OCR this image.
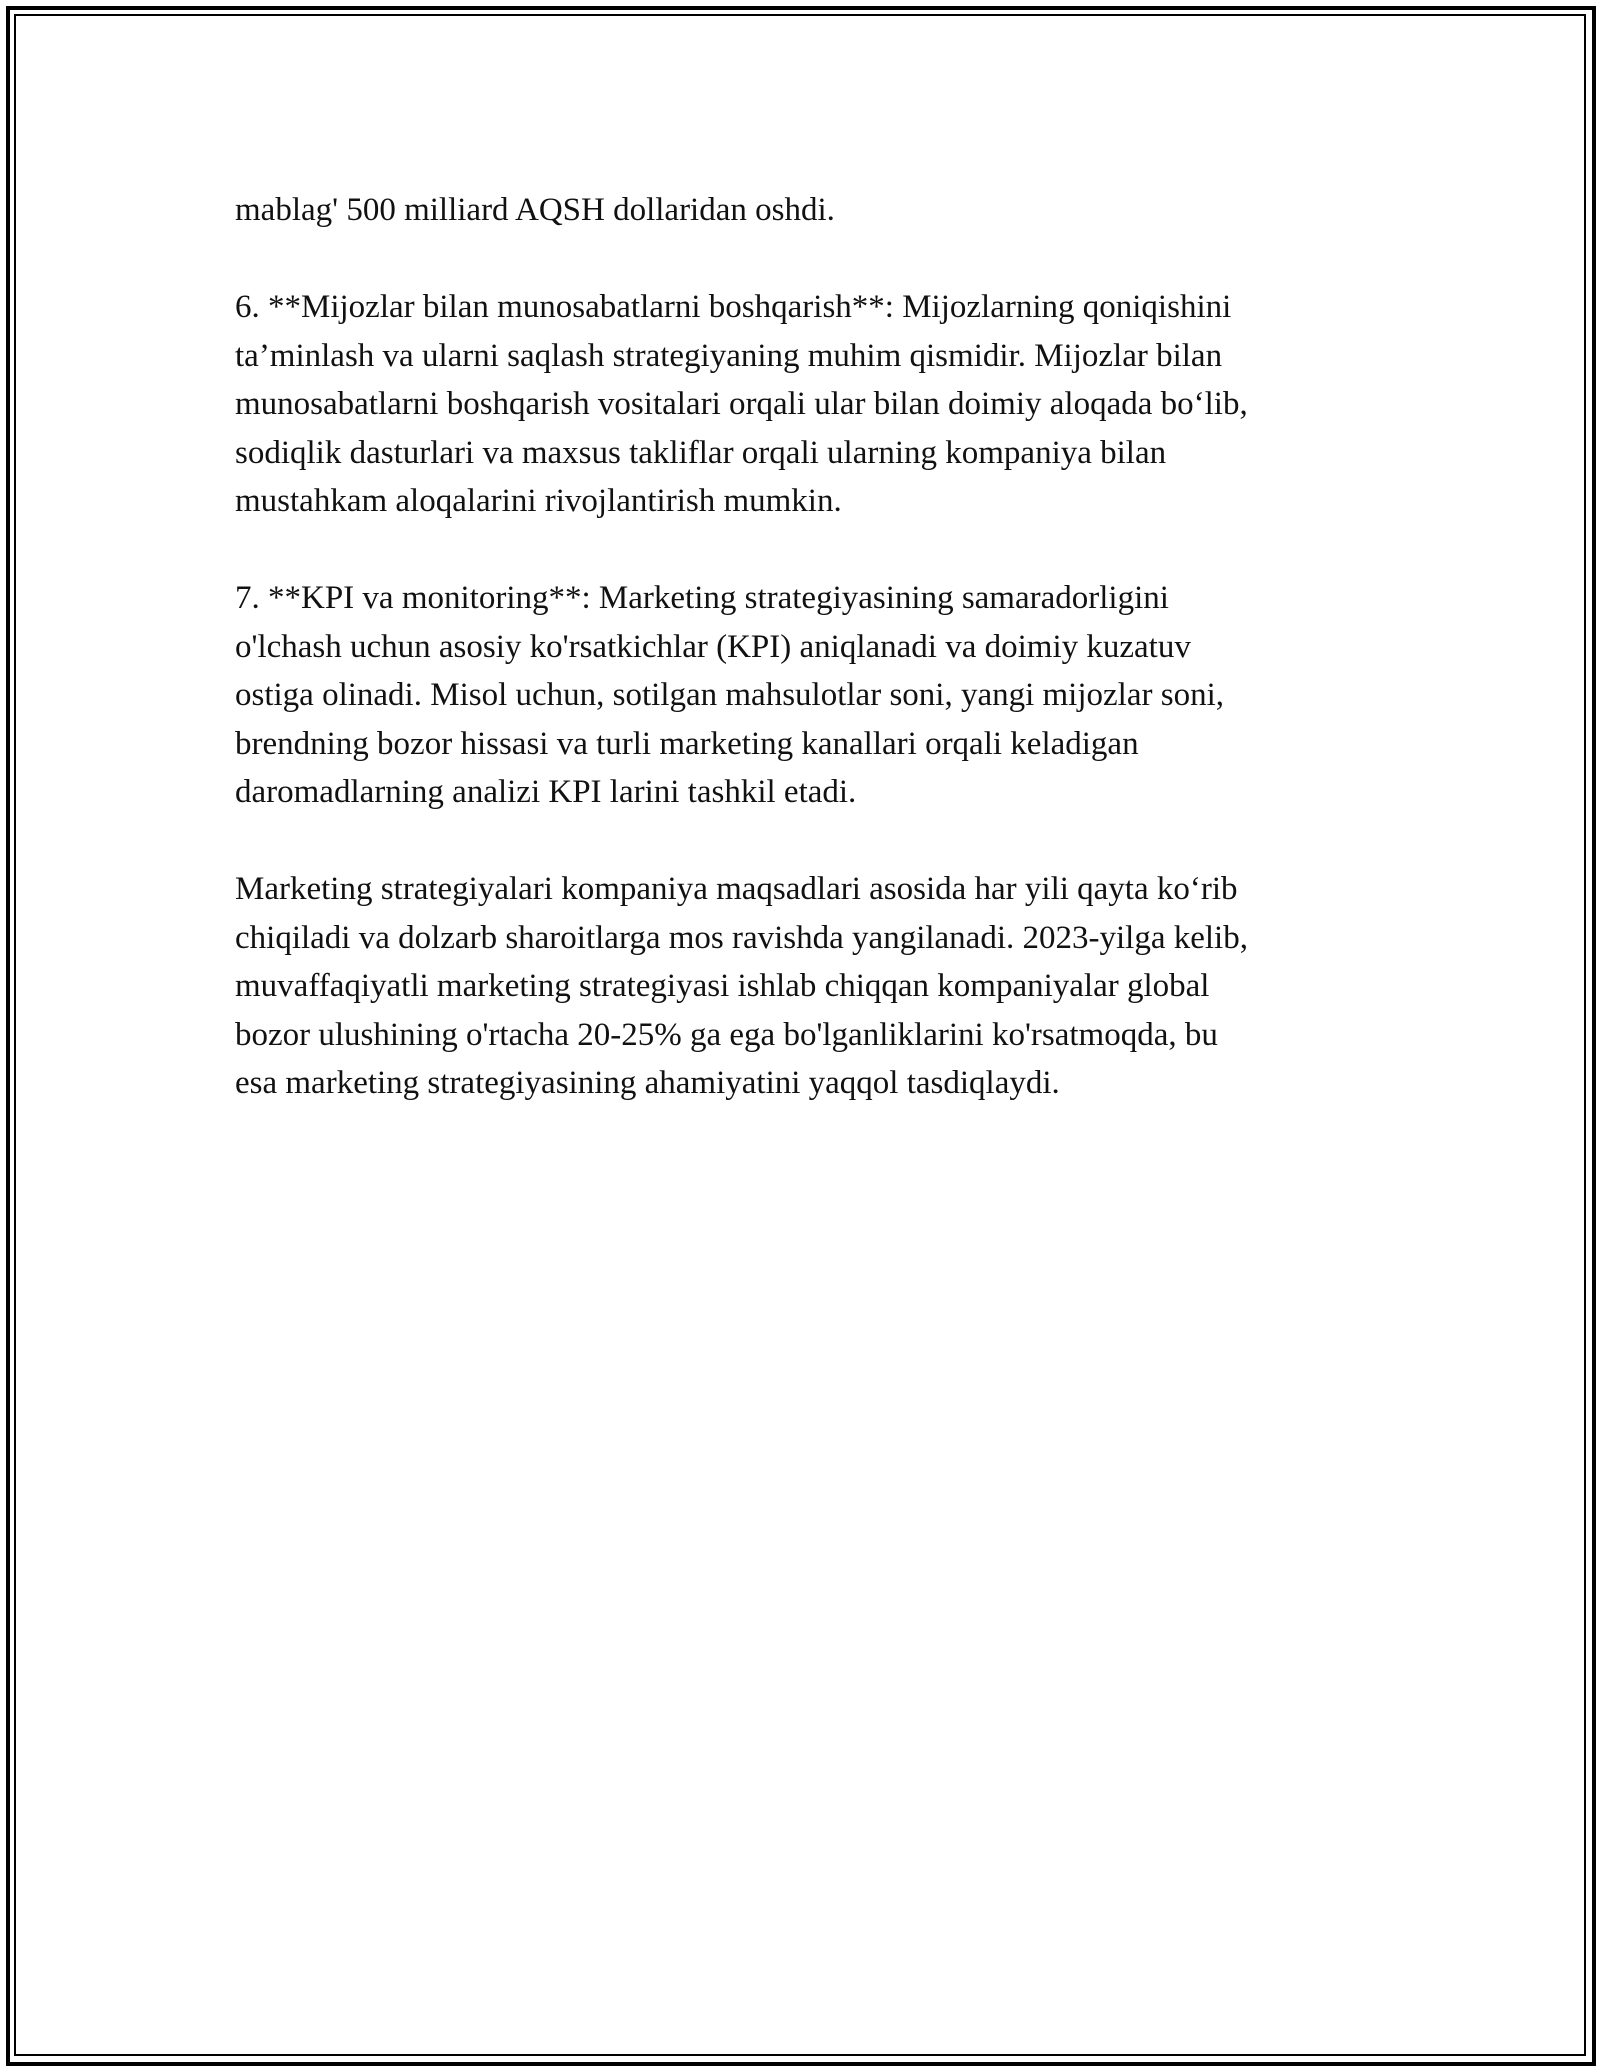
mablag' 500 milliard AQSH dollaridan oshdi.

6. **Mijozlar bilan munosabatlarni boshqarish**: Mijozlarning qoniqishini
ta’minlash va ularni saqlash strategiyaning muhim qismidir. Mijozlar bilan
munosabatlarni boshqarish vositalari orqali ular bilan doimiy aloqada bo‘lib,
sodiqlik dasturlari va maxsus takliflar orqali ularning kompaniya bilan
mustahkam aloqalarini rivojlantirish mumkin.

7. **KPI va monitoring**: Marketing strategiyasining samaradorligini
o'lchash uchun asosiy ko'rsatkichlar (KPI) aniqlanadi va doimiy kuzatuv
ostiga olinadi. Misol uchun, sotilgan mahsulotlar soni, yangi mijozlar soni,
brendning bozor hissasi va turli marketing kanallari orqali keladigan
daromadlarning analizi KPI larini tashkil etadi.

Marketing strategiyalari kompaniya maqsadlari asosida har yili qayta ko‘rib
chiqiladi va dolzarb sharoitlarga mos ravishda yangilanadi. 2023-yilga kelib,
muvaffaqiyatli marketing strategiyasi ishlab chiqqan kompaniyalar global
bozor ulushining o'rtacha 20-25% ga ega bo'lganliklarini ko'rsatmoqda, bu
esa marketing strategiyasining ahamiyatini yaqqol tasdiqlaydi.
